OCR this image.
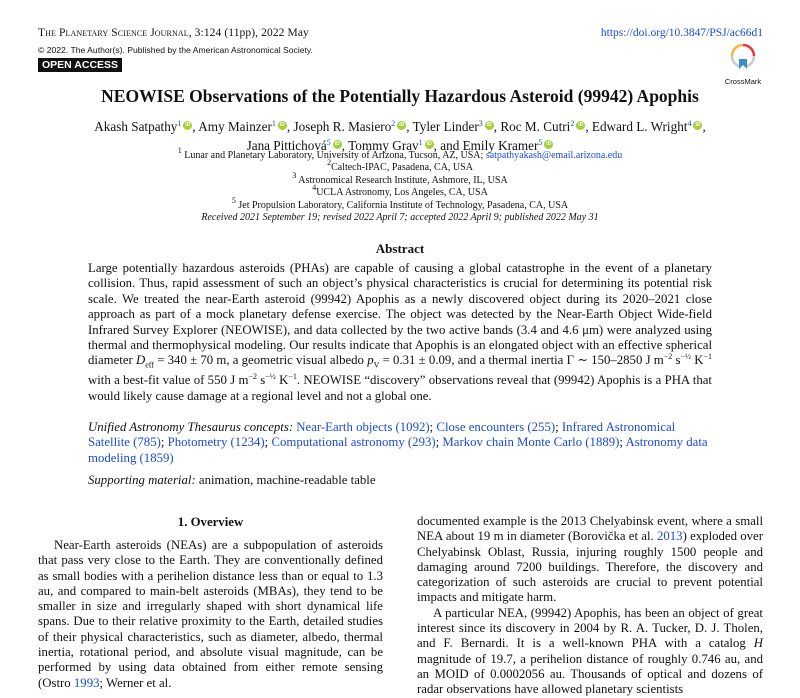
The Planetary Science Journal, 3:124 (11pp), 2022 May	https://doi.org/10.3847/PSJ/ac66d1
© 2022. The Author(s). Published by the American Astronomical Society.
OPEN ACCESS
CrossMark
NEOWISE Observations of the Potentially Hazardous Asteroid (99942) Apophis
Akash Satpathy$^1$ iD , Amy Mainzer$^1$ iD , Joseph R. Masiero$^2$ iD , Tyler Linder$^3$ iD , Roc M. Cutri$^2$ iD , Edward L. Wright$^4$ iD ,
Jana Pittichová$^5$ iD , Tommy Grav$^1$ iD , and Emily Kramer$^5$iD
$^1$ Lunar and Planetary Laboratory, University of Arizona, Tucson, AZ, USA; satpathyakash@email.arizona.edu
$^2$Caltech-IPAC, Pasadena, CA, USA
$^3$ Astronomical Research Institute, Ashmore, IL, USA
$^4$UCLA Astronomy, Los Angeles, CA, USA
$^5$ Jet Propulsion Laboratory, California Institute of Technology, Pasadena, CA, USA
Received 2021 September 19; revised 2022 April 7; accepted 2022 April 9; published 2022 May 31
Abstract
Large potentially hazardous asteroids (PHAs) are capable of causing a global catastrophe in the event of a planetary collision. Thus, rapid assessment of such an object’s physical characteristics is crucial for determining its potential risk scale. We treated the near-Earth asteroid (99942) Apophis as a newly discovered object during its 2020–2021 close approach as part of a mock planetary defense exercise. The object was detected by the Near-Earth Object Wide-field Infrared Survey Explorer (NEOWISE), and data collected by the two active bands (3.4 and 4.6 μm) were analyzed using thermal and thermophysical modeling. Our results indicate that Apophis is an elongated object with an effective spherical diameter $D_{eff} = 340 \pm 70$ m, a geometric visual albedo $p_V = 0.31 \pm 0.09$, and a thermal inertia Γ ∼ 150–2850 J $m^{-2}$ $s^{-\frac{1}{2}}$ $K^{-1}$ with a best-fit value of 550 J $m^{-2}$ $s^{-\frac{1}{2}}$ $K^{-1}$. NEOWISE “discovery” observations reveal that (99942) Apophis is a PHA that would likely cause damage at a regional level and not a global one.
Unified Astronomy Thesaurus concepts: Near-Earth objects (1092); Close encounters (255); Infrared Astronomical Satellite (785); Photometry (1234); Computational astronomy (293); Markov chain Monte Carlo (1889); Astronomy data modeling (1859)
Supporting material: animation, machine-readable table
1. Overview

Near-Earth asteroids (NEAs) are a subpopulation of asteroids that pass very close to the Earth. They are conventionally defined as small bodies with a perihelion distance less than or equal to 1.3 au, and compared to main-belt asteroids (MBAs), they tend to be smaller in size and irregularly shaped with short dynamical life spans. Due to their relative proximity to the Earth, detailed studies of their physical characteristics, such as diameter, albedo, thermal inertia, rotational period, and absolute visual magnitude, can be performed by using data obtained from either remote sensing (Ostro 1993; Werner et al.

documented example is the 2013 Chelyabinsk event, where a small NEA about 19 m in diameter (Borovička et al. 2013) exploded over Chelyabinsk Oblast, Russia, injuring roughly 1500 people and damaging around 7200 buildings. Therefore, the discovery and categorization of such asteroids are crucial to prevent potential impacts and mitigate harm.

A particular NEA, (99942) Apophis, has been an object of great interest since its discovery in 2004 by R. A. Tucker, D. J. Tholen, and F. Bernardi. It is a well-known PHA with a catalog H magnitude of 19.7, a perihelion distance of roughly 0.746 au, and an MOID of 0.0002056 au. Thousands of optical and dozens of radar observations have allowed planetary scientists
